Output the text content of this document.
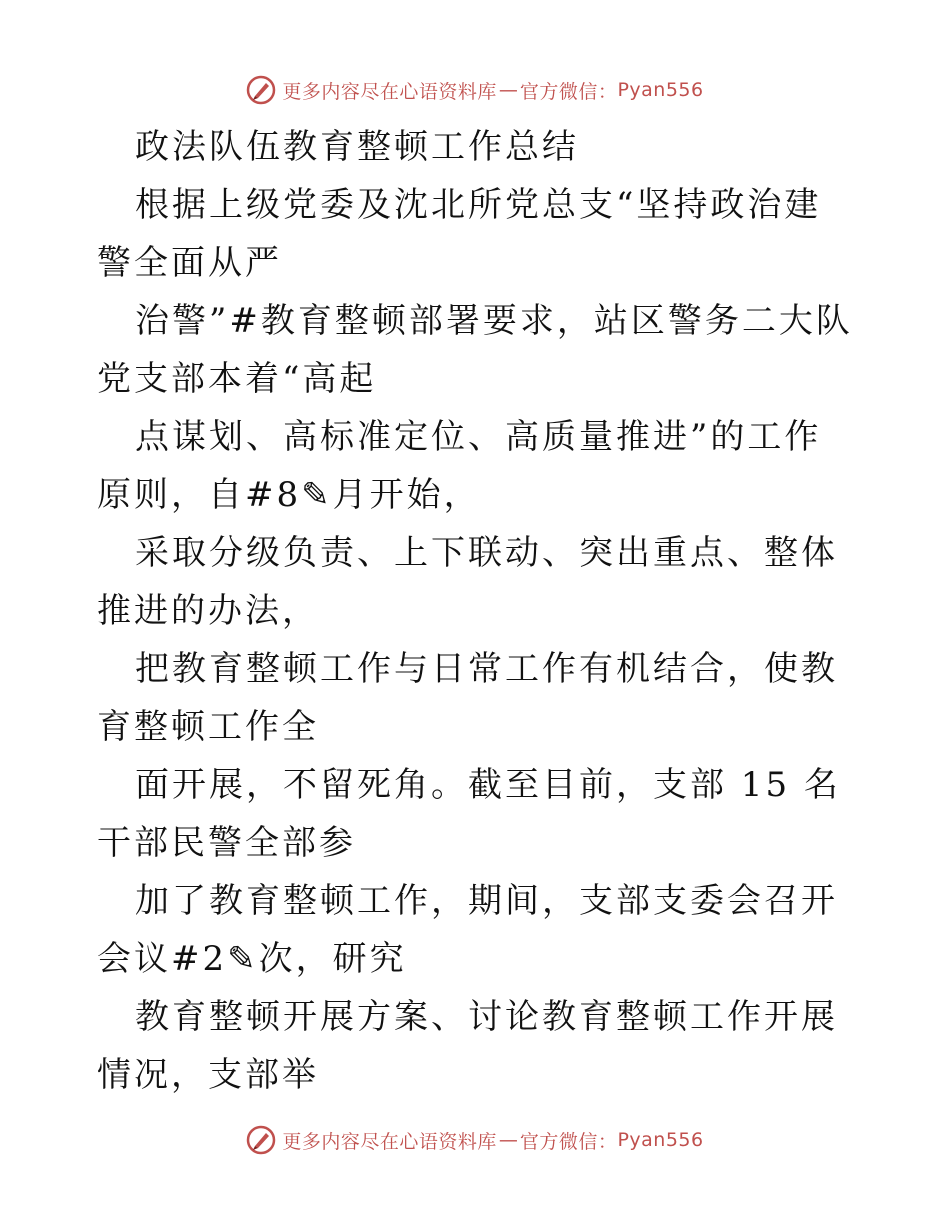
更多内容尽在心语资料库 — 官方微信： Pyan556

政法队伍教育整顿工作总结

根据上级党委及沈北所党总支“坚持政治建警全面从严

治警”#教育整顿部署要求，站区警务二大队党支部本着“高起

点谋划、高标准定位、高质量推进”的工作原则，自#8✎月开始，

采取分级负责、上下联动、突出重点、整体推进的办法，

把教育整顿工作与日常工作有机结合，使教育整顿工作全

面开展，不留死角。截至目前，支部 15 名干部民警全部参

加了教育整顿工作，期间，支部支委会召开会议#2✎次，研究

教育整顿开展方案、讨论教育整顿工作开展情况，支部举

更多内容尽在心语资料库 — 官方微信： Pyan556
